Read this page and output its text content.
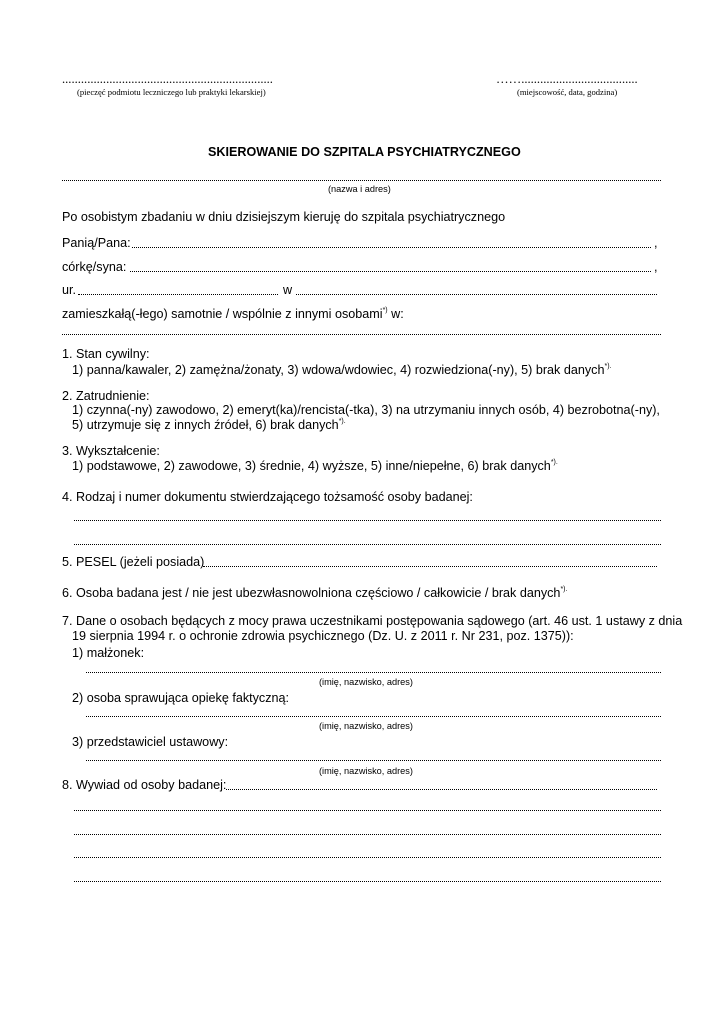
...................................................................
(pieczęć podmiotu leczniczego lub praktyki lekarskiej)
…….....................................
(miejscowość, data, godzina)
SKIEROWANIE DO SZPITALA PSYCHIATRYCZNEGO
(nazwa i adres)
Po osobistym zbadaniu w dniu dzisiejszym kieruję do szpitala psychiatrycznego
Panią/Pana:	,
córkę/syna:	,
ur.	w
zamieszkałą(-łego) samotnie / wspólnie z innymi osobami*) w:
1. Stan cywilny:
1) panna/kawaler, 2) zamężna/żonaty, 3) wdowa/wdowiec, 4) rozwiedziona(-ny), 5) brak danych*).
2. Zatrudnienie:
1) czynna(-ny) zawodowo, 2) emeryt(ka)/rencista(-tka), 3) na utrzymaniu innych osób, 4) bezrobotna(-ny),
5) utrzymuje się z innych źródeł, 6) brak danych*).
3. Wykształcenie:
1) podstawowe, 2) zawodowe, 3) średnie, 4) wyższe, 5) inne/niepełne, 6) brak danych*).
4. Rodzaj i numer dokumentu stwierdzającego tożsamość osoby badanej:
5. PESEL (jeżeli posiada)
6. Osoba badana jest / nie jest ubezwłasnowolniona częściowo / całkowicie / brak danych*).
7. Dane o osobach będących z mocy prawa uczestnikami postępowania sądowego (art. 46 ust. 1 ustawy z dnia
19 sierpnia 1994 r. o ochronie zdrowia psychicznego (Dz. U. z 2011 r. Nr 231, poz. 1375)):
1) małżonek:
(imię, nazwisko, adres)
2) osoba sprawująca opiekę faktyczną:
(imię, nazwisko, adres)
3) przedstawiciel ustawowy:
(imię, nazwisko, adres)
8. Wywiad od osoby badanej:
